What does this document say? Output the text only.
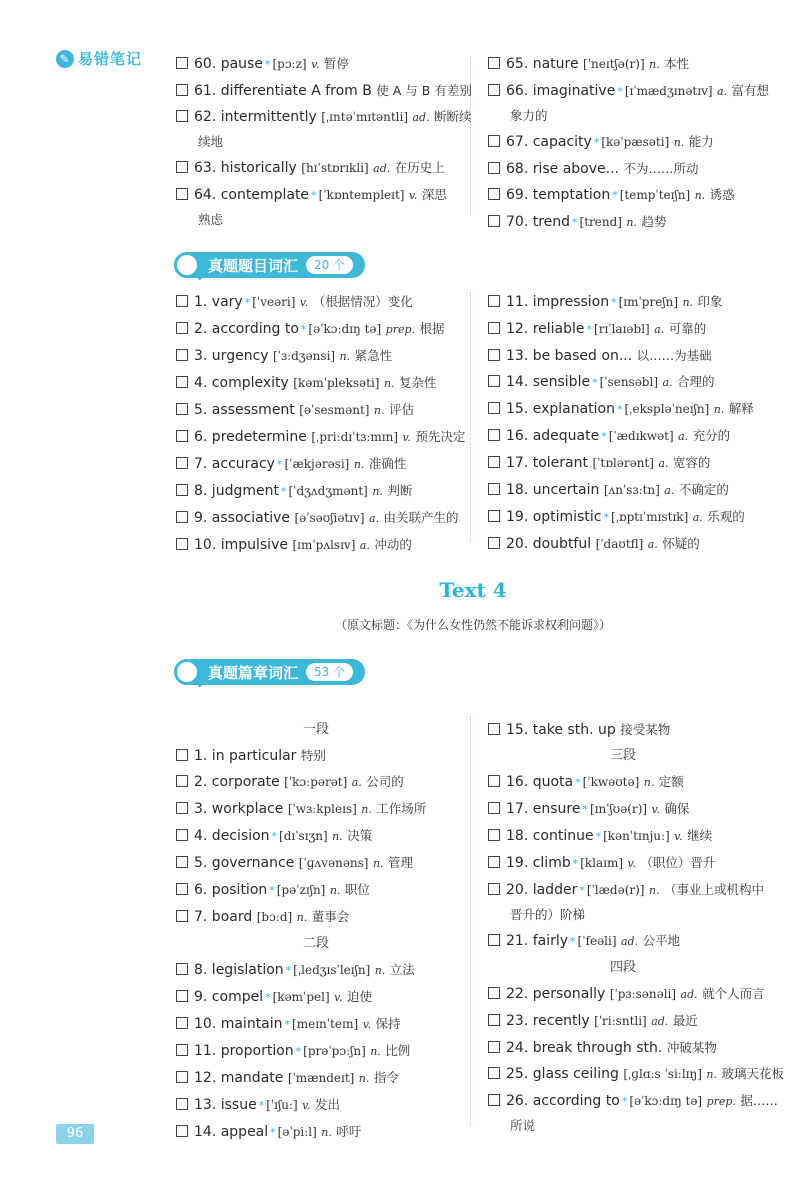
✎ 易错笔记	60. pause * [pɔːz] v. 暂停
61. differentiate A from B 使 A 与 B 有差别
62. intermittently [ˌɪntəˈmɪtəntli] ad. 断断续
续地
63. historically [hɪˈstɒrɪkli] ad. 在历史上
64. contemplate * [ˈkɒntempleɪt] v. 深思
熟虑
65. nature [ˈneɪtʃə(r)] n. 本性
66. imaginative * [ɪˈmædʒɪnətɪv] a. 富有想
象力的
67. capacity * [kəˈpæsəti] n. 能力
68. rise above... 不为……所动
69. temptation * [tempˈteɪʃn] n. 诱惑
70. trend * [trend] n. 趋势
真题题目词汇	20 个
1. vary * [ˈveəri] v. （根据情况）变化
2. according to * [əˈkɔːdɪŋ tə] prep. 根据
3. urgency [ˈɜːdʒənsi] n. 紧急性
4. complexity [kəmˈpleksəti] n. 复杂性
5. assessment [əˈsesmənt] n. 评估
6. predetermine [ˌpriːdɪˈtɜːmɪn] v. 预先决定
7. accuracy * [ˈækjərəsi] n. 准确性
8. judgment * [ˈdʒʌdʒmənt] n. 判断
9. associative [əˈsəʊʃiətɪv] a. 由关联产生的
10. impulsive [ɪmˈpʌlsɪv] a. 冲动的
11. impression * [ɪmˈpreʃn] n. 印象
12. reliable * [rɪˈlaɪəbl] a. 可靠的
13. be based on... 以……为基础
14. sensible * [ˈsensəbl] a. 合理的
15. explanation * [ˌekspləˈneɪʃn] n. 解释
16. adequate * [ˈædɪkwət] a. 充分的
17. tolerant [ˈtɒlərənt] a. 宽容的
18. uncertain [ʌnˈsɜːtn] a. 不确定的
19. optimistic * [ˌɒptɪˈmɪstɪk] a. 乐观的
20. doubtful [ˈdaʊtfl] a. 怀疑的
Text 4
（原文标题：《为什么女性仍然不能诉求权利问题》）
真题篇章词汇	53 个
一段
1. in particular 特别
2. corporate [ˈkɔːpərət] a. 公司的
3. workplace [ˈwɜːkpleɪs] n. 工作场所
4. decision * [dɪˈsɪʒn] n. 决策
5. governance [ˈɡʌvənəns] n. 管理
6. position * [pəˈzɪʃn] n. 职位
7. board [bɔːd] n. 董事会
二段
8. legislation * [ˌledʒɪsˈleɪʃn] n. 立法
9. compel * [kəmˈpel] v. 迫使
10. maintain * [meɪnˈteɪn] v. 保持
11. proportion * [prəˈpɔːʃn] n. 比例
12. mandate [ˈmændeɪt] n. 指令
13. issue * [ˈɪʃuː] v. 发出
14. appeal * [əˈpiːl] n. 呼吁
15. take sth. up 接受某物
三段
16. quota * [ˈkwəʊtə] n. 定额
17. ensure * [ɪnˈʃʊə(r)] v. 确保
18. continue * [kənˈtɪnjuː] v. 继续
19. climb * [klaɪm] v. （职位）晋升
20. ladder * [ˈlædə(r)] n. （事业上或机构中
晋升的）阶梯
21. fairly * [ˈfeəli] ad. 公平地
四段
22. personally [ˈpɜːsənəli] ad. 就个人而言
23. recently [ˈriːsntli] ad. 最近
24. break through sth. 冲破某物
25. glass ceiling [ˌɡlɑːs ˈsiːlɪŋ] n. 玻璃天花板
26. according to * [əˈkɔːdɪŋ tə] prep. 据……
所说
96
